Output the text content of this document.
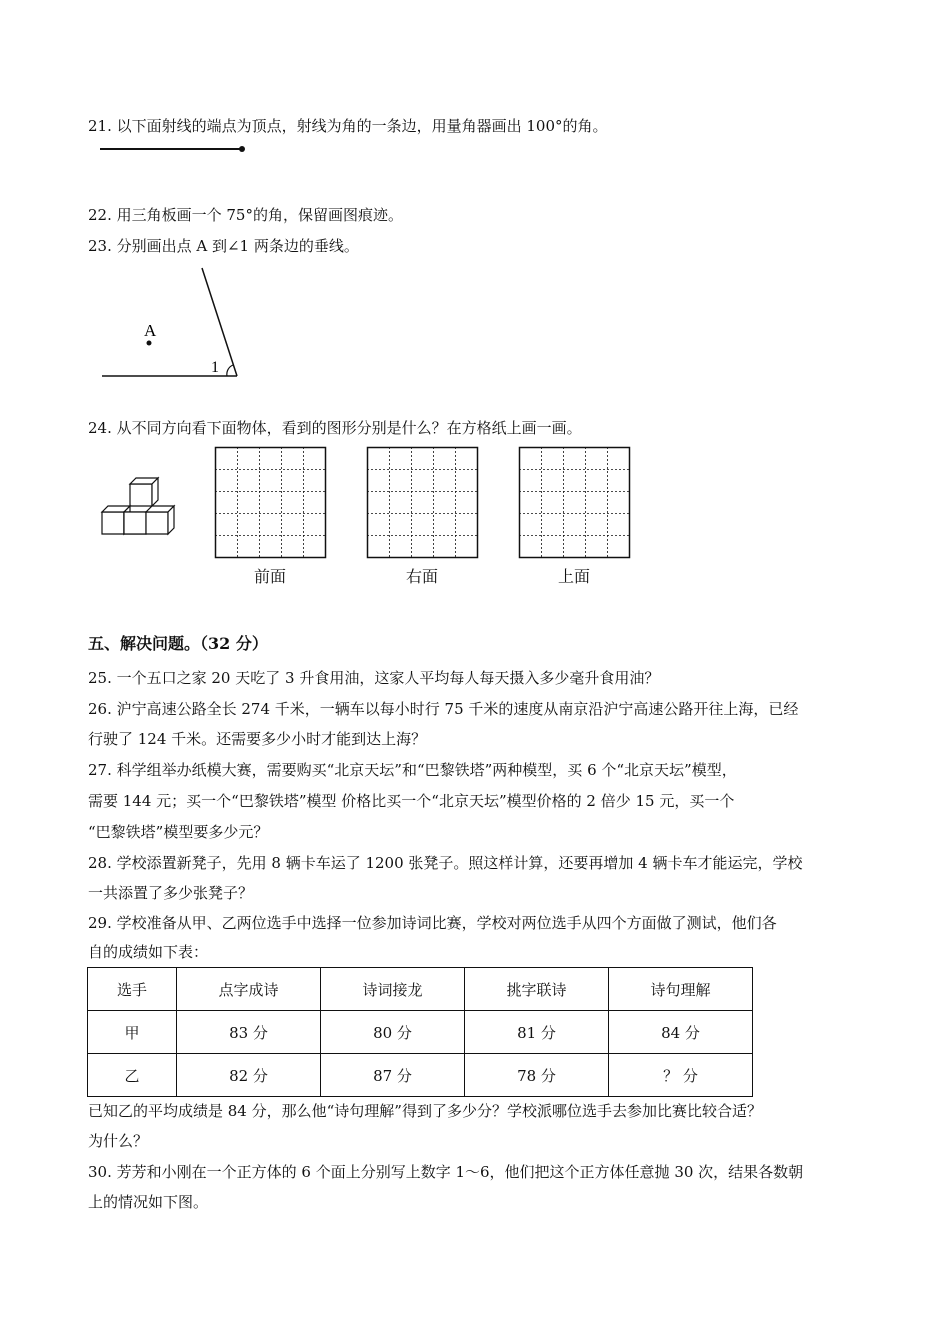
21. 以下面射线的端点为顶点，射线为角的一条边，用量角器画出 100°的角。
22. 用三角板画一个 75°的角，保留画图痕迹。
23. 分别画出点 A 到∠1 两条边的垂线。
A
1
24. 从不同方向看下面物体，看到的图形分别是什么？在方格纸上画一画。
前面	右面	上面
五、解决问题。（32 分）
25. 一个五口之家 20 天吃了 3 升食用油，这家人平均每人每天摄入多少毫升食用油？
26. 沪宁高速公路全长 274 千米，一辆车以每小时行 75 千米的速度从南京沿沪宁高速公路开往上海，已经
行驶了 124 千米。还需要多少小时才能到达上海？
27. 科学组举办纸模大赛，需要购买“北京天坛”和“巴黎铁塔”两种模型，买 6 个“北京天坛”模型，
需要 144 元；买一个“巴黎铁塔”模型 价格比买一个“北京天坛”模型价格的 2 倍少 15 元，买一个
“巴黎铁塔”模型要多少元？
28. 学校添置新凳子，先用 8 辆卡车运了 1200 张凳子。照这样计算，还要再增加 4 辆卡车才能运完，学校
一共添置了多少张凳子？
29. 学校准备从甲、乙两位选手中选择一位参加诗词比赛，学校对两位选手从四个方面做了测试，他们各
自的成绩如下表：
选手	点字成诗	诗词接龙	挑字联诗	诗句理解
甲	83 分	80 分	81 分	84 分
乙	82 分	87 分	78 分	？ 分
已知乙的平均成绩是 84 分，那么他“诗句理解”得到了多少分？学校派哪位选手去参加比赛比较合适？
为什么？
30. 芳芳和小刚在一个正方体的 6 个面上分别写上数字 1～6，他们把这个正方体任意抛 30 次，结果各数朝
上的情况如下图。
